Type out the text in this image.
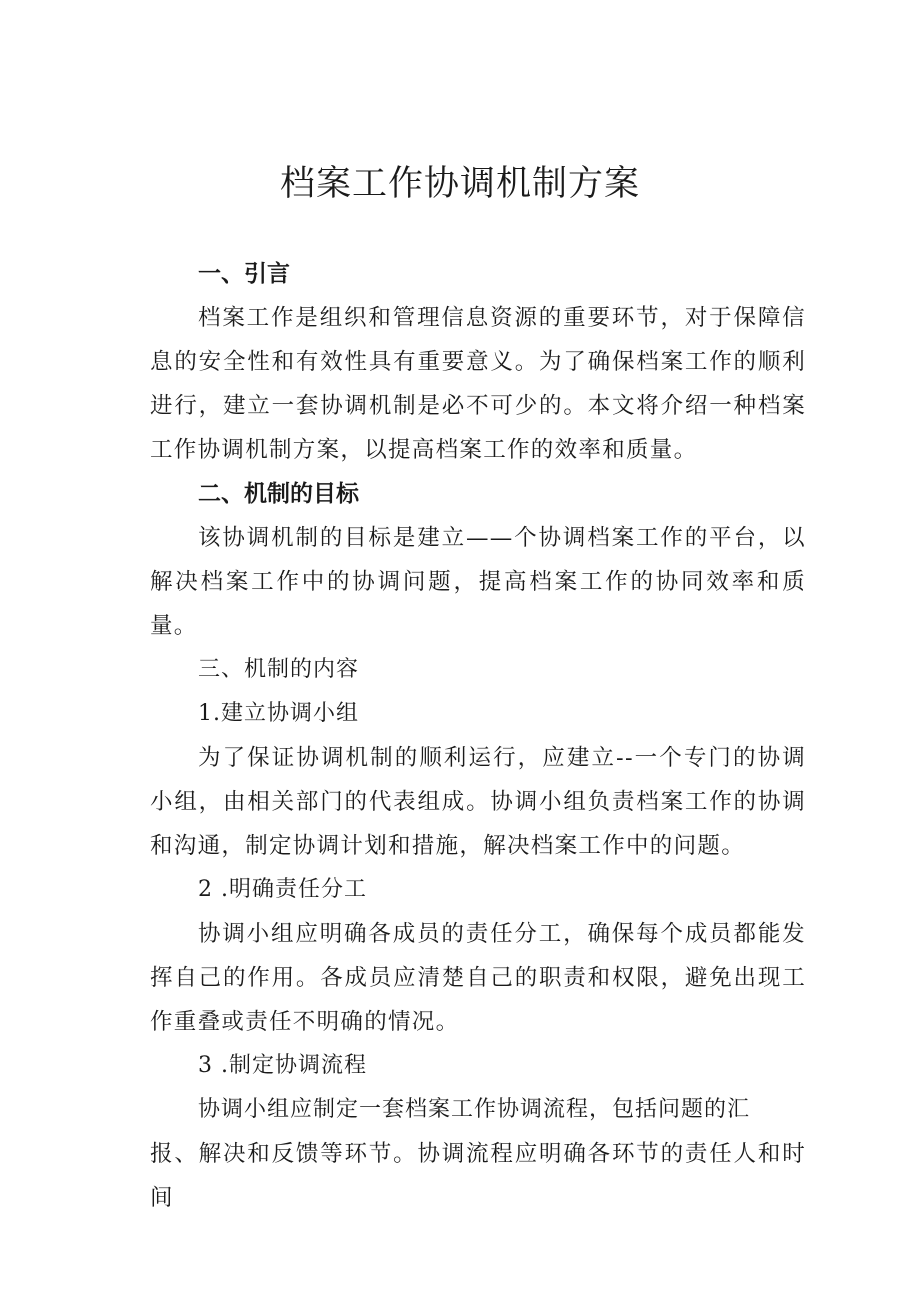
档案工作协调机制方案

一、引言

档案工作是组织和管理信息资源的重要环节，对于保障信息的安全性和有效性具有重要意义。为了确保档案工作的顺利进行，建立一套协调机制是必不可少的。本文将介绍一种档案工作协调机制方案，以提高档案工作的效率和质量。

二、机制的目标

该协调机制的目标是建立——个协调档案工作的平台，以解决档案工作中的协调问题，提高档案工作的协同效率和质量。

三、机制的内容

1.建立协调小组

为了保证协调机制的顺利运行，应建立--一个专门的协调小组，由相关部门的代表组成。协调小组负责档案工作的协调和沟通，制定协调计划和措施，解决档案工作中的问题。

2 .明确责任分工

协调小组应明确各成员的责任分工，确保每个成员都能发挥自己的作用。各成员应清楚自己的职责和权限，避免出现工作重叠或责任不明确的情况。

3 .制定协调流程

协调小组应制定一套档案工作协调流程，包括问题的汇

报、解决和反馈等环节。协调流程应明确各环节的责任人和时间
